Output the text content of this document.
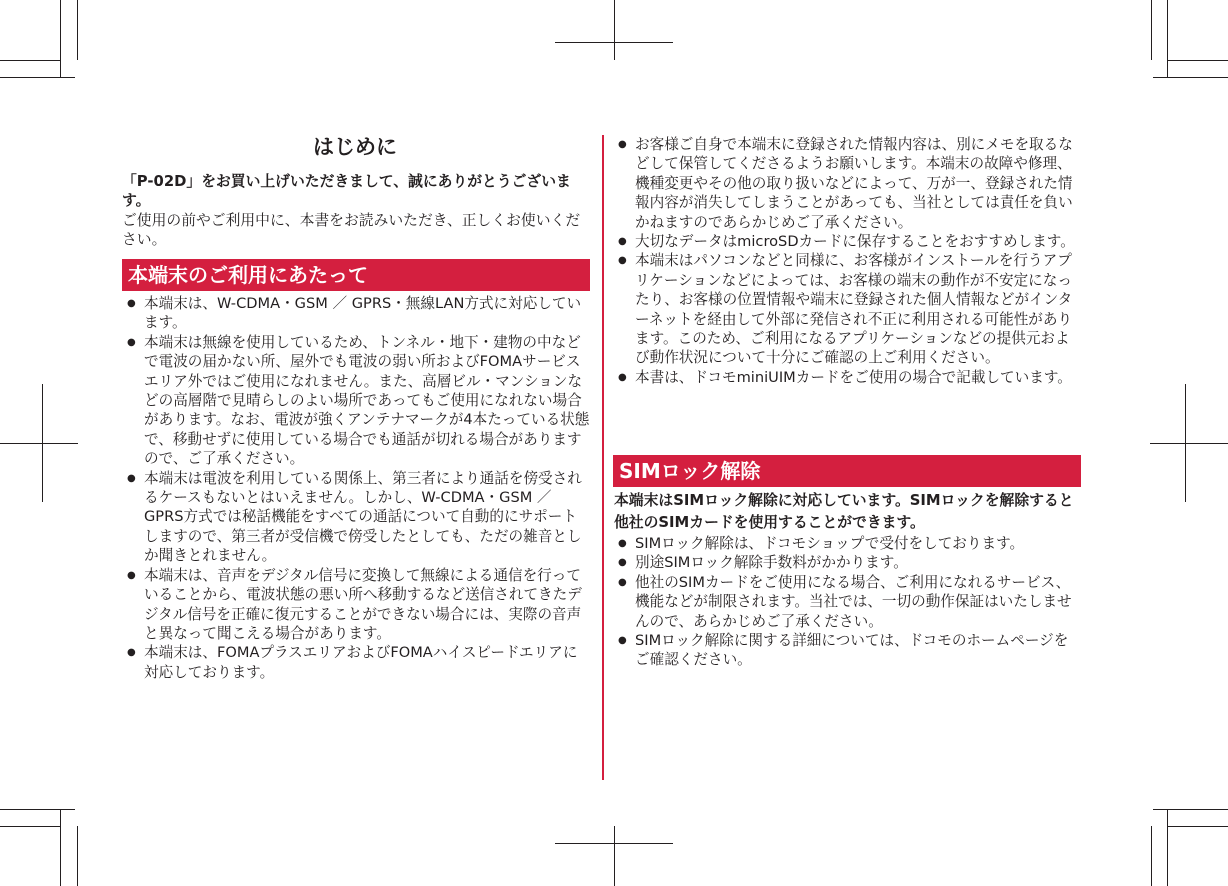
はじめに

「P-02D」をお買い上げいただきまして、誠にありがとうございます。

ご使用の前やご利用中に、本書をお読みいただき、正しくお使いください。

本端末のご利用にあたって
● 本端末は、W-CDMA・GSM ／ GPRS・無線LAN方式に対応しています。
● 本端末は無線を使用しているため、トンネル・地下・建物の中などで電波の届かない所、屋外でも電波の弱い所およびFOMAサービスエリア外ではご使用になれません。また、高層ビル・マンションなどの高層階で見晴らしのよい場所であってもご使用になれない場合があります。なお、電波が強くアンテナマークが4本たっている状態で、移動せずに使用している場合でも通話が切れる場合がありますので、ご了承ください。
● 本端末は電波を利用している関係上、第三者により通話を傍受されるケースもないとはいえません。しかし、W-CDMA・GSM ／ GPRS方式では秘話機能をすべての通話について自動的にサポートしますので、第三者が受信機で傍受したとしても、ただの雑音としか聞きとれません。
● 本端末は、音声をデジタル信号に変換して無線による通信を行っていることから、電波状態の悪い所へ移動するなど送信されてきたデジタル信号を正確に復元することができない場合には、実際の音声と異なって聞こえる場合があります。
● 本端末は、FOMAプラスエリアおよびFOMAハイスピードエリアに対応しております。
● お客様ご自身で本端末に登録された情報内容は、別にメモを取るなどして保管してくださるようお願いします。本端末の故障や修理、機種変更やその他の取り扱いなどによって、万が一、登録された情報内容が消失してしまうことがあっても、当社としては責任を負いかねますのであらかじめご了承ください。
● 大切なデータはmicroSDカードに保存することをおすすめします。
● 本端末はパソコンなどと同様に、お客様がインストールを行うアプリケーションなどによっては、お客様の端末の動作が不安定になったり、お客様の位置情報や端末に登録された個人情報などがインターネットを経由して外部に発信され不正に利用される可能性があります。このため、ご利用になるアプリケーションなどの提供元および動作状況について十分にご確認の上ご利用ください。
● 本書は、ドコモminiUIMカードをご使用の場合で記載しています。
SIMロック解除

本端末はSIMロック解除に対応しています。SIMロックを解除すると他社のSIMカードを使用することができます。

● SIMロック解除は、ドコモショップで受付をしております。
● 別途SIMロック解除手数料がかかります。
● 他社のSIMカードをご使用になる場合、ご利用になれるサービス、機能などが制限されます。当社では、一切の動作保証はいたしませんので、あらかじめご了承ください。
● SIMロック解除に関する詳細については、ドコモのホームページをご確認ください。
